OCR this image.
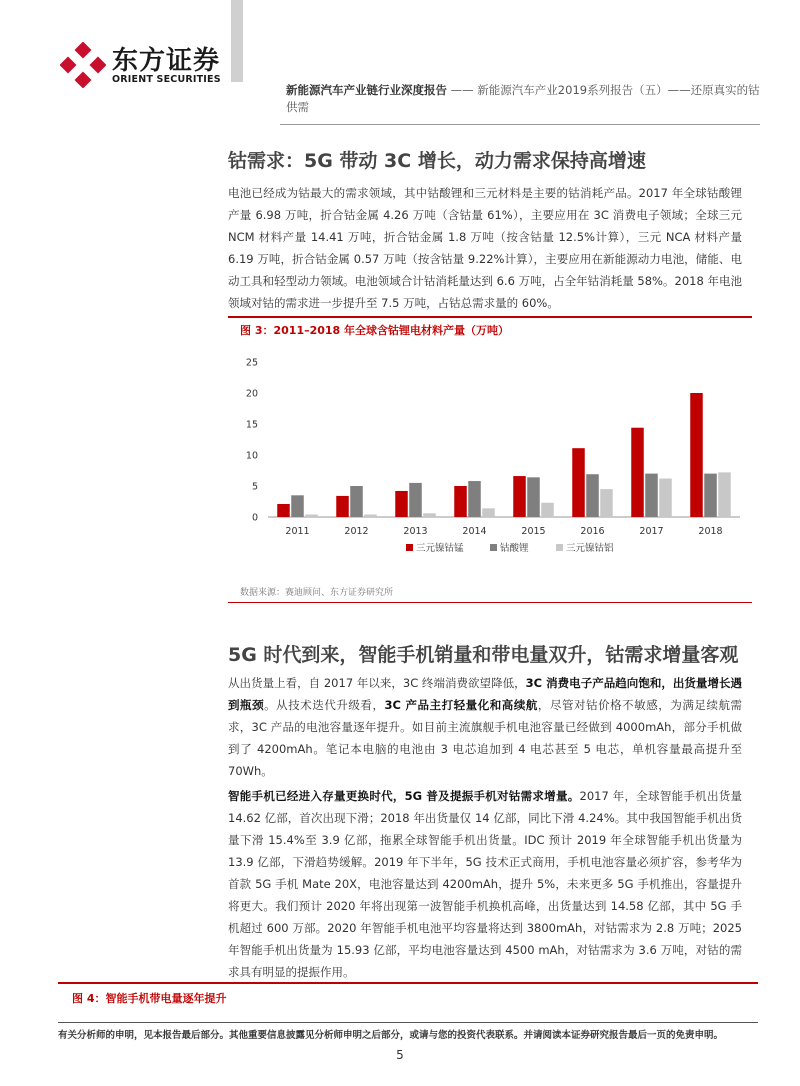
东方证券
ORIENT SECURITIES
新能源汽车产业链行业深度报告 —— 新能源汽车产业2019系列报告（五）——还原真实的钴供需
钴需求：5G 带动 3C 增长，动力需求保持高增速
电池已经成为钴最大的需求领域，其中钴酸锂和三元材料是主要的钴消耗产品。2017 年全球钴酸锂产量 6.98 万吨，折合钴金属 4.26 万吨（含钴量 61%），主要应用在 3C 消费电子领域；全球三元 NCM 材料产量 14.41 万吨，折合钴金属 1.8 万吨（按含钴量 12.5%计算），三元 NCA 材料产量 6.19 万吨，折合钴金属 0.57 万吨（按含钴量 9.22%计算），主要应用在新能源动力电池，储能、电动工具和轻型动力领域。电池领域合计钴消耗量达到 6.6 万吨，占全年钴消耗量 58%。2018 年电池领域对钴的需求进一步提升至 7.5 万吨，占钴总需求量的 60%。
图 3：2011–2018 年全球含钴锂电材料产量（万吨）
0
5
10
15
20
25
2011	2012	2013	2014	2015	2016	2017	2018
三元镍钴锰	钴酸锂	三元镍钴铝
数据来源：赛迪顾问、东方证券研究所
5G 时代到来，智能手机销量和带电量双升，钴需求增量客观
从出货量上看，自 2017 年以来，3C 终端消费欲望降低，3C 消费电子产品趋向饱和，出货量增长遇到瓶颈。从技术迭代升级看，3C 产品主打轻量化和高续航，尽管对钴价格不敏感，为满足续航需求，3C 产品的电池容量逐年提升。如目前主流旗舰手机电池容量已经做到 4000mAh，部分手机做到了 4200mAh。笔记本电脑的电池由 3 电芯追加到 4 电芯甚至 5 电芯，单机容量最高提升至 70Wh。
智能手机已经进入存量更换时代，5G 普及提振手机对钴需求增量。2017 年，全球智能手机出货量 14.62 亿部，首次出现下滑；2018 年出货量仅 14 亿部，同比下滑 4.24%。其中我国智能手机出货量下滑 15.4%至 3.9 亿部，拖累全球智能手机出货量。IDC 预计 2019 年全球智能手机出货量为 13.9 亿部，下滑趋势缓解。2019 年下半年，5G 技术正式商用，手机电池容量必须扩容，参考华为首款 5G 手机 Mate 20X，电池容量达到 4200mAh，提升 5%，未来更多 5G 手机推出，容量提升将更大。我们预计 2020 年将出现第一波智能手机换机高峰，出货量达到 14.58 亿部，其中 5G 手机超过 600 万部。2020 年智能手机电池平均容量将达到 3800mAh，对钴需求为 2.8 万吨；2025 年智能手机出货量为 15.93 亿部，平均电池容量达到 4500 mAh，对钴需求为 3.6 万吨，对钴的需求具有明显的提振作用。
图 4：智能手机带电量逐年提升
有关分析师的申明，见本报告最后部分。其他重要信息披露见分析师申明之后部分，或请与您的投资代表联系。并请阅读本证券研究报告最后一页的免责申明。
5
